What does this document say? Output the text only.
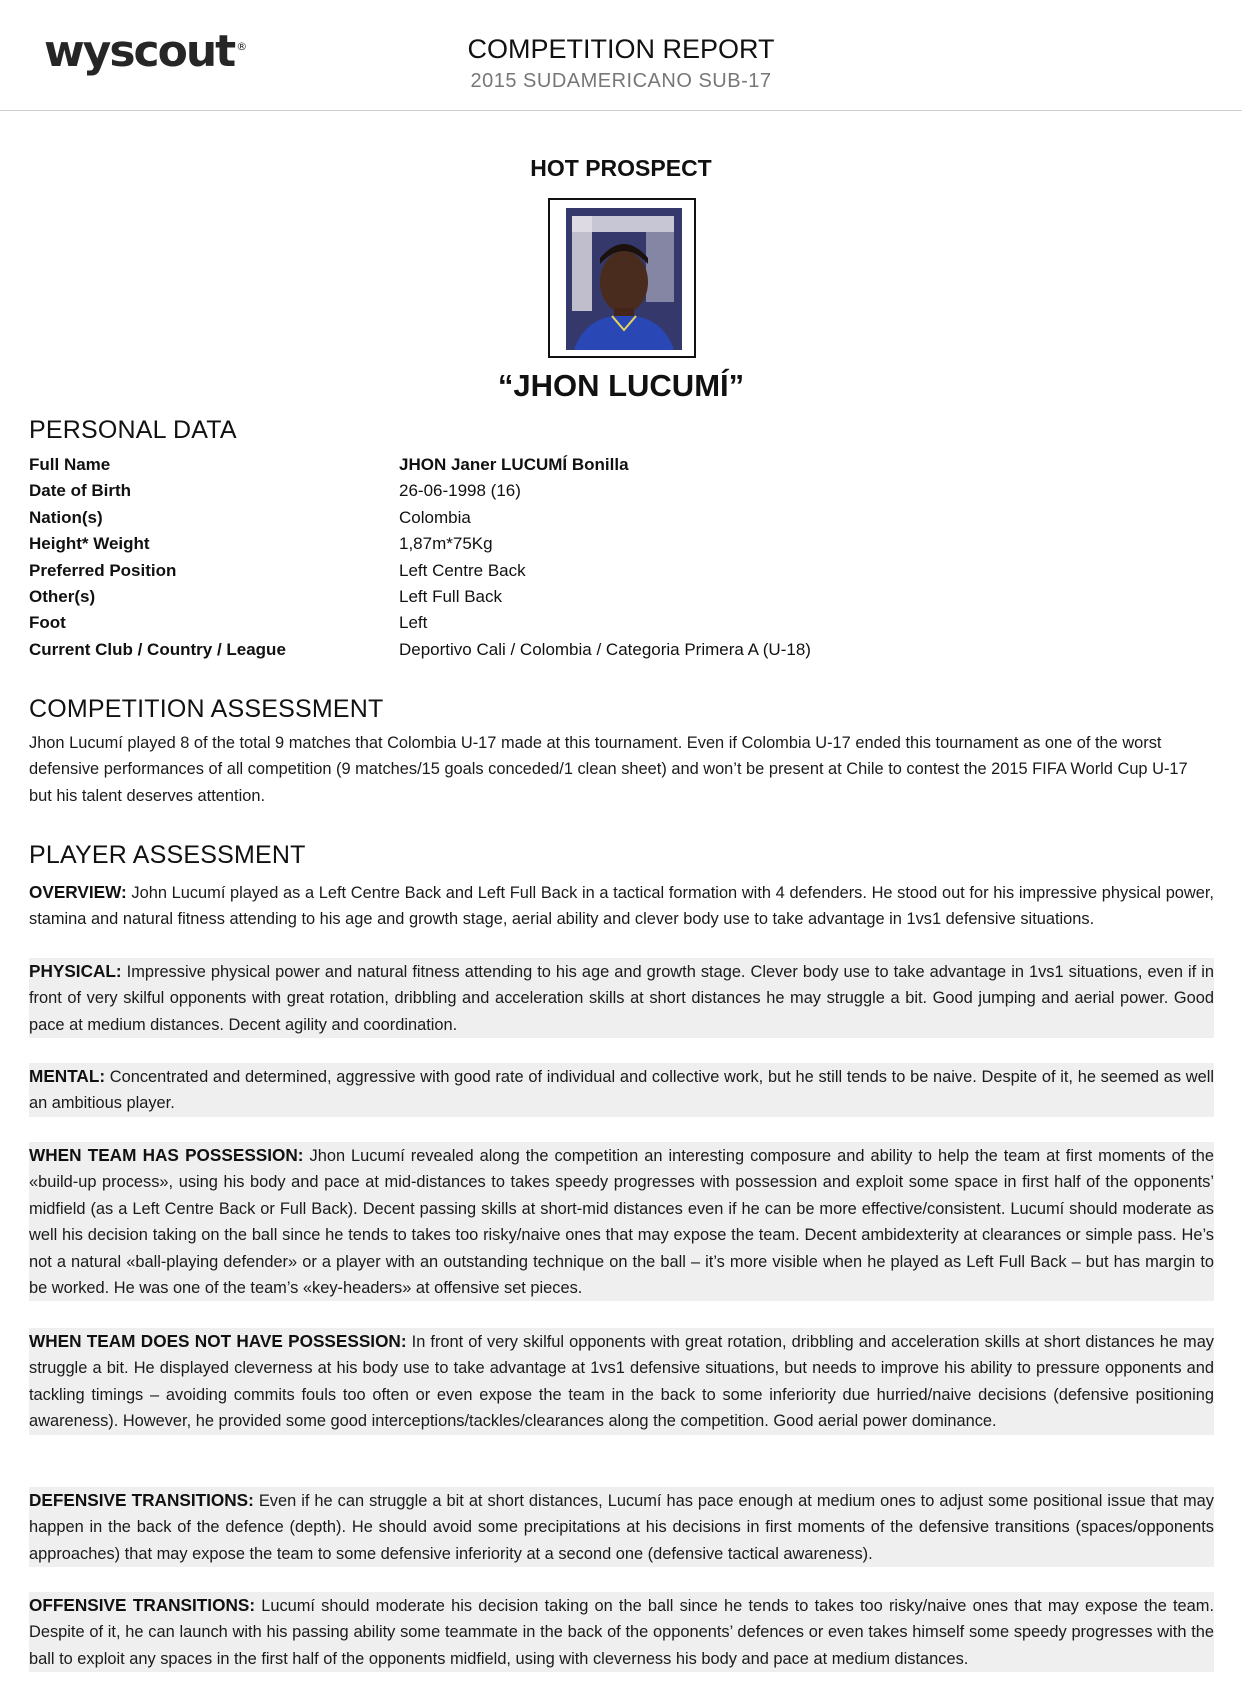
wyscout ®	COMPETITION REPORT
2015 SUDAMERICANO SUB-17
HOT PROSPECT
“JHON LUCUMÍ”
PERSONAL DATA
Full Name	JHON Janer LUCUMÍ Bonilla
Date of Birth	26-06-1998 (16)
Nation(s)	Colombia
Height* Weight	1,87m*75Kg
Preferred Position	Left Centre Back
Other(s)	Left Full Back
Foot	Left
Current Club / Country / League	Deportivo Cali / Colombia / Categoria Primera A (U-18)
COMPETITION ASSESSMENT
Jhon Lucumí played 8 of the total 9 matches that Colombia U-17 made at this tournament. Even if Colombia U-17 ended this tournament as one of the worst defensive performances of all competition (9 matches/15 goals conceded/1 clean sheet) and won’t be present at Chile to contest the 2015 FIFA World Cup U-17 but his talent deserves attention.
PLAYER ASSESSMENT
OVERVIEW: John Lucumí played as a Left Centre Back and Left Full Back in a tactical formation with 4 defenders. He stood out for his impressive physical power, stamina and natural fitness attending to his age and growth stage, aerial ability and clever body use to take advantage in 1vs1 defensive situations.
PHYSICAL: Impressive physical power and natural fitness attending to his age and growth stage. Clever body use to take advantage in 1vs1 situations, even if in front of very skilful opponents with great rotation, dribbling and acceleration skills at short distances he may struggle a bit. Good jumping and aerial power. Good pace at medium distances. Decent agility and coordination.
MENTAL: Concentrated and determined, aggressive with good rate of individual and collective work, but he still tends to be naive. Despite of it, he seemed as well an ambitious player.
WHEN TEAM HAS POSSESSION: Jhon Lucumí revealed along the competition an interesting composure and ability to help the team at first moments of the «build-up process», using his body and pace at mid-distances to takes speedy progresses with possession and exploit some space in first half of the opponents’ midfield (as a Left Centre Back or Full Back). Decent passing skills at short-mid distances even if he can be more effective/consistent. Lucumí should moderate as well his decision taking on the ball since he tends to takes too risky/naive ones that may expose the team. Decent ambidexterity at clearances or simple pass. He’s not a natural «ball-playing defender» or a player with an outstanding technique on the ball – it’s more visible when he played as Left Full Back – but has margin to be worked. He was one of the team’s «key-headers» at offensive set pieces.
WHEN TEAM DOES NOT HAVE POSSESSION: In front of very skilful opponents with great rotation, dribbling and acceleration skills at short distances he may struggle a bit. He displayed cleverness at his body use to take advantage at 1vs1 defensive situations, but needs to improve his ability to pressure opponents and tackling timings – avoiding commits fouls too often or even expose the team in the back to some inferiority due hurried/naive decisions (defensive positioning awareness). However, he provided some good interceptions/tackles/clearances along the competition. Good aerial power dominance.
DEFENSIVE TRANSITIONS: Even if he can struggle a bit at short distances, Lucumí has pace enough at medium ones to adjust some positional issue that may happen in the back of the defence (depth). He should avoid some precipitations at his decisions in first moments of the defensive transitions (spaces/opponents approaches) that may expose the team to some defensive inferiority at a second one (defensive tactical awareness).
OFFENSIVE TRANSITIONS: Lucumí should moderate his decision taking on the ball since he tends to takes too risky/naive ones that may expose the team. Despite of it, he can launch with his passing ability some teammate in the back of the opponents’ defences or even takes himself some speedy progresses with the ball to exploit any spaces in the first half of the opponents midfield, using with cleverness his body and pace at medium distances.
